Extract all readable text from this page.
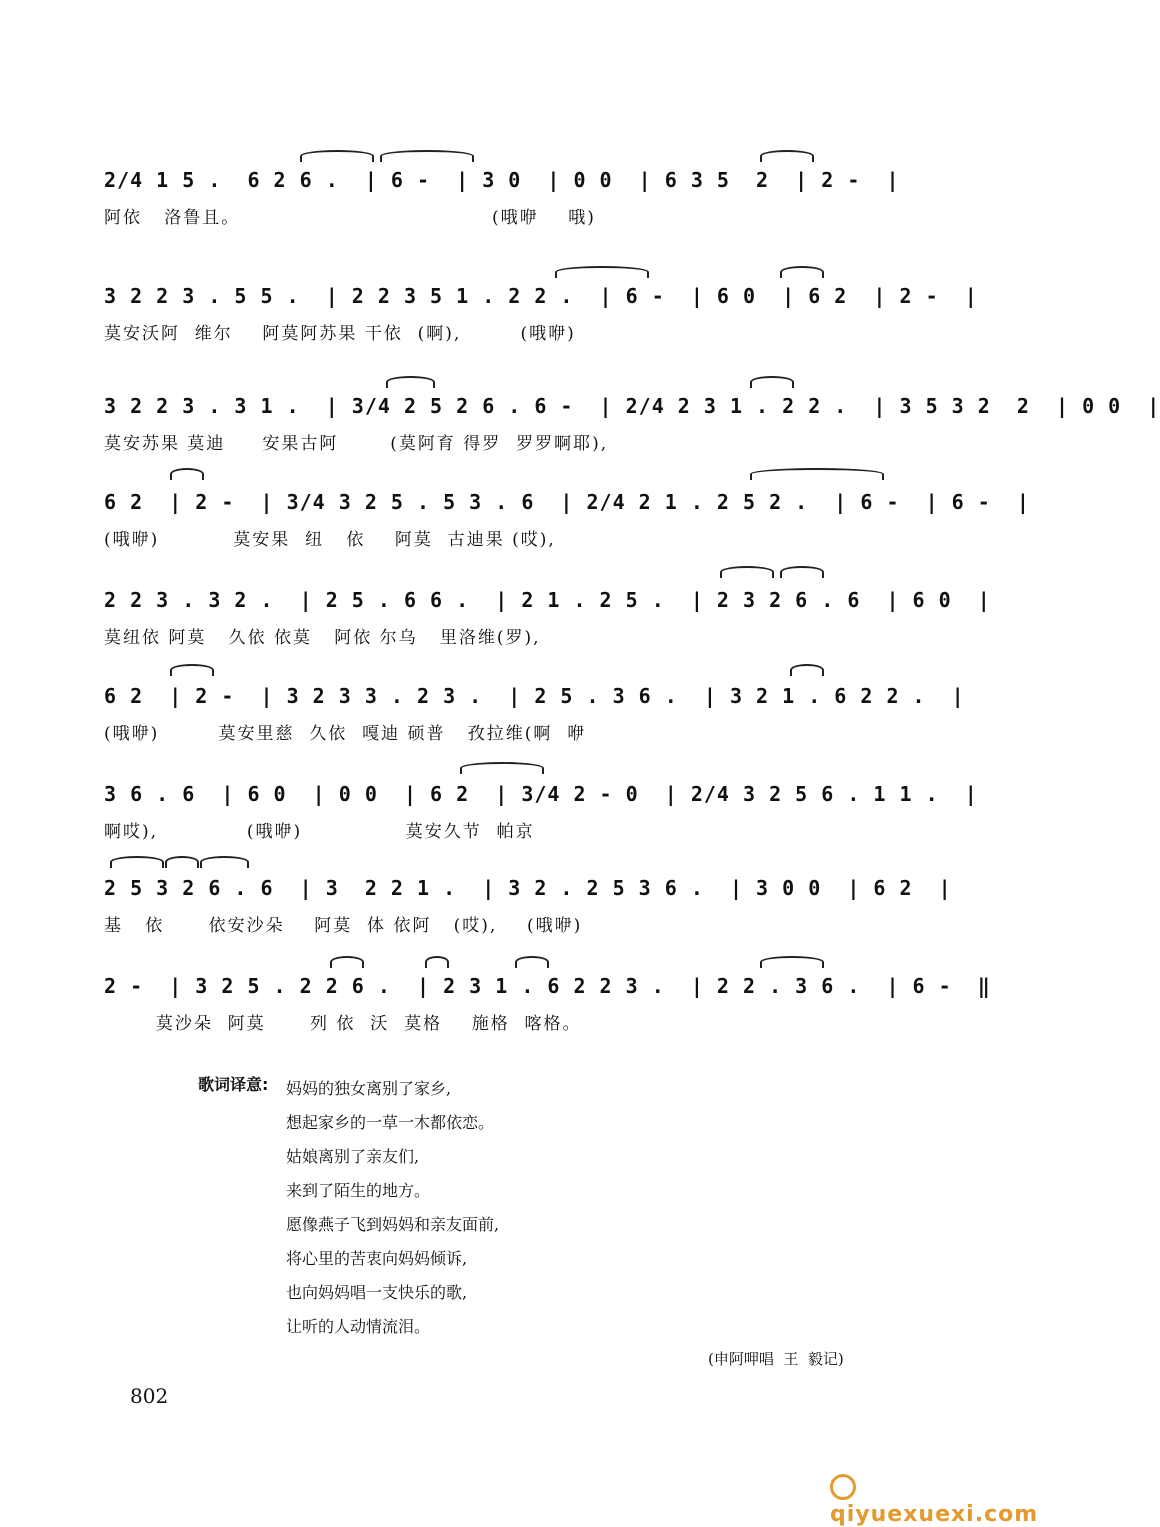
2/4 1 5 .  6 2 6 .  | 6 -  | 3 0  | 0 0  | 6 3 5  2  | 2 -  |
阿依   洛鲁且。                                  (哦咿    哦)
3 2 2 3 . 5 5 .  | 2 2 3 5 1 . 2 2 .  | 6 -  | 6 0  | 6 2  | 2 -  |
莫安沃阿  维尔    阿莫阿苏果 干依  (啊),        (哦咿)
3 2 2 3 . 3 1 .  | 3/4 2 5 2 6 . 6 -  | 2/4 2 3 1 . 2 2 .  | 3 5 3 2  2  | 0 0  |
莫安苏果 莫迪     安果古阿       (莫阿育 得罗  罗罗啊耶),
6 2  | 2 -  | 3/4 3 2 5 . 5 3 . 6  | 2/4 2 1 . 2 5 2 .  | 6 -  | 6 -  |
(哦咿)          莫安果  纽   依    阿莫  古迪果 (哎),
2 2 3 . 3 2 .  | 2 5 . 6 6 .  | 2 1 . 2 5 .  | 2 3 2 6 . 6  | 6 0  |
莫纽依 阿莫   久依 依莫   阿依 尔乌   里洛维(罗),
6 2  | 2 -  | 3 2 3 3 . 2 3 .  | 2 5 . 3 6 .  | 3 2 1 . 6 2 2 .  |
(哦咿)        莫安里慈  久依  嘎迪 硕普   孜拉维(啊  咿
3 6 . 6  | 6 0  | 0 0  | 6 2  | 3/4 2 - 0  | 2/4 3 2 5 6 . 1 1 .  |
啊哎),            (哦咿)              莫安久节  帕京
2 5 3 2 6 . 6  | 3  2 2 1 .  | 3 2 . 2 5 3 6 .  | 3 0 0  | 6 2  |
基   依      依安沙朵    阿莫  体 依阿   (哎),    (哦咿)
2 -  | 3 2 5 . 2 2 6 .  | 2 3 1 . 6 2 2 3 .  | 2 2 . 3 6 .  | 6 -  ‖
莫沙朵  阿莫      列 依  沃  莫格    施格  喀格。
歌词译意: 妈妈的独女离别了家乡,
想起家乡的一草一木都依恋。
姑娘离别了亲友们,
来到了陌生的地方。
愿像燕子飞到妈妈和亲友面前,
将心里的苦衷向妈妈倾诉,
也向妈妈唱一支快乐的歌,
让听的人动情流泪。
(申阿呷唱  王  毅记)
802
qiyuexuexi.com
